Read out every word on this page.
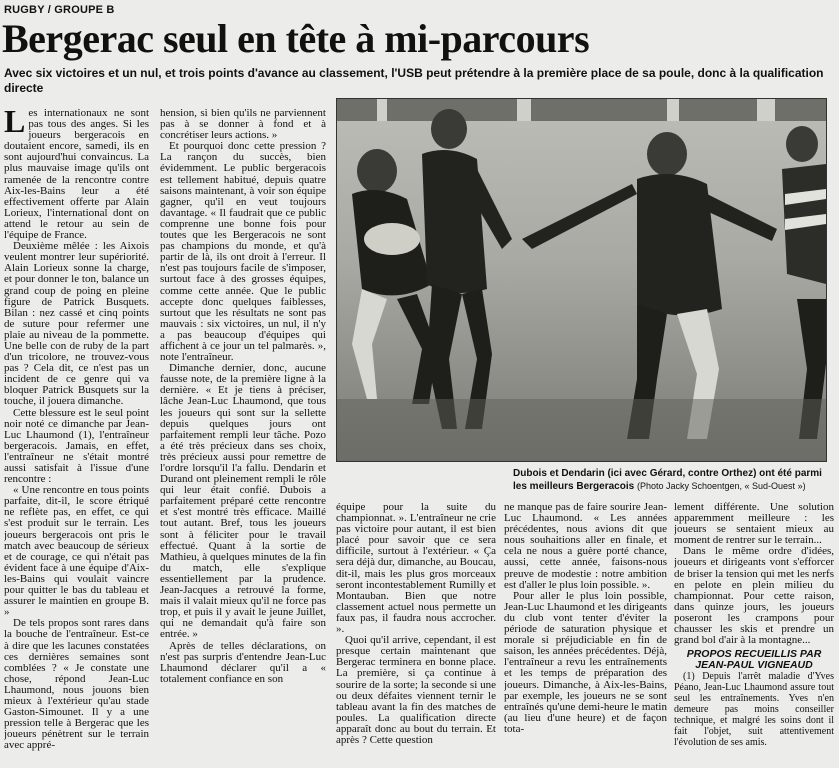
RUGBY / GROUPE B
Bergerac seul en tête à mi-parcours
Avec six victoires et un nul, et trois points d'avance au classement, l'USB peut prétendre à la première place de sa poule, donc à la qualification directe

Les internationaux ne sont pas tous des anges. Si les joueurs bergeracois en doutaient encore, samedi, ils en sont aujourd'hui convaincus. La plus mauvaise image qu'ils ont ramenée de la rencontre contre Aix-les-Bains leur a été effectivement offerte par Alain Lorieux, l'international dont on attend le retour au sein de l'équipe de France.

Deuxième mêlée : les Aixois veulent montrer leur supériorité. Alain Lorieux sonne la charge, et pour donner le ton, balance un grand coup de poing en pleine figure de Patrick Busquets. Bilan : nez cassé et cinq points de suture pour refermer une plaie au niveau de la pommette. Une belle con de ruby de la part d'un tricolore, ne trouvez-vous pas ? Cela dit, ce n'est pas un incident de ce genre qui va bloquer Patrick Busquets sur la touche, il jouera dimanche.

Cette blessure est le seul point noir noté ce dimanche par Jean-Luc Lhaumond (1), l'entraîneur bergeracois. Jamais, en effet, l'entraîneur ne s'était montré aussi satisfait à l'issue d'une rencontre :

« Une rencontre en tous points parfaite, dit-il, le score étriqué ne reflète pas, en effet, ce qui s'est produit sur le terrain. Les joueurs bergeracois ont pris le match avec beaucoup de sérieux et de courage, ce qui n'était pas évident face à une équipe d'Aix-les-Bains qui voulait vaincre pour quitter le bas du tableau et assurer le maintien en groupe B. »

De tels propos sont rares dans la bouche de l'entraîneur. Est-ce à dire que les lacunes constatées ces dernières semaines sont comblées ? « Je constate une chose, répond Jean-Luc Lhaumond, nous jouons bien mieux à l'extérieur qu'au stade Gaston-Simounet. Il y a une pression telle à Bergerac que les joueurs pénètrent sur le terrain avec appré-

hension, si bien qu'ils ne parviennent pas à se donner à fond et à concrétiser leurs actions. »

Et pourquoi donc cette pression ? La rançon du succès, bien évidemment. Le public bergeracois est tellement habitué, depuis quatre saisons maintenant, à voir son équipe gagner, qu'il en veut toujours davantage. « Il faudrait que ce public comprenne une bonne fois pour toutes que les Bergeracois ne sont pas champions du monde, et qu'à partir de là, ils ont droit à l'erreur. Il n'est pas toujours facile de s'imposer, surtout face à des grosses équipes, comme cette année. Que le public accepte donc quelques faiblesses, surtout que les résultats ne sont pas mauvais : six victoires, un nul, il n'y a pas beaucoup d'équipes qui affichent à ce jour un tel palmarès. », note l'entraîneur.

Dimanche dernier, donc, aucune fausse note, de la première ligne à la dernière. « Et je tiens à préciser, lâche Jean-Luc Lhaumond, que tous les joueurs qui sont sur la sellette depuis quelques jours ont parfaitement rempli leur tâche. Pozo a été très précieux dans ses choix, très précieux aussi pour remettre de l'ordre lorsqu'il l'a fallu. Dendarin et Durand ont pleinement rempli le rôle qui leur était confié. Dubois a parfaitement préparé cette rencontre et s'est montré très efficace. Maillé tout autant. Bref, tous les joueurs sont à féliciter pour le travail effectué. Quant à la sortie de Mathieu, à quelques minutes de la fin du match, elle s'explique essentiellement par la prudence. Jean-Jacques a retrouvé la forme, mais il valait mieux qu'il ne force pas trop, et puis il y avait le jeune Juillet, qui ne demandait qu'à faire son entrée. »

Après de telles déclarations, on n'est pas surpris d'entendre Jean-Luc Lhaumond déclarer qu'il a « totalement confiance en son

Dubois et Dendarin (ici avec Gérard, contre Orthez) ont été parmi les meilleurs Bergeracois (Photo Jacky Schoentgen, « Sud-Ouest »)

équipe pour la suite du championnat. ». L'entraîneur ne crie pas victoire pour autant, il est bien placé pour savoir que ce sera difficile, surtout à l'extérieur. « Ça sera déjà dur, dimanche, au Boucau, dit-il, mais les plus gros morceaux seront incontestablement Rumilly et Montauban. Bien que notre classement actuel nous permette un faux pas, il faudra nous accrocher. ».

Quoi qu'il arrive, cependant, il est presque certain maintenant que Bergerac terminera en bonne place. La première, si ça continue à sourire de la sorte; la seconde si une ou deux défaites viennent ternir le tableau avant la fin des matches de poules. La qualification directe apparaît donc au bout du terrain. Et après ? Cette question

ne manque pas de faire sourire Jean-Luc Lhaumond. « Les années précédentes, nous avions dit que nous souhaitions aller en finale, et cela ne nous a guère porté chance, aussi, cette année, faisons-nous preuve de modestie : notre ambition est d'aller le plus loin possible. ».

Pour aller le plus loin possible, Jean-Luc Lhaumond et les dirigeants du club vont tenter d'éviter la période de saturation physique et morale si préjudiciable en fin de saison, les années précédentes. Déjà, l'entraîneur a revu les entraînements et les temps de préparation des joueurs. Dimanche, à Aix-les-Bains, par exemple, les joueurs ne se sont entraînés qu'une demi-heure le matin (au lieu d'une heure) et de façon tota-

lement différente. Une solution apparemment meilleure : les joueurs se sentaient mieux au moment de rentrer sur le terrain...

Dans le même ordre d'idées, joueurs et dirigeants vont s'efforcer de briser la tension qui met les nerfs en pelote en plein milieu du championnat. Pour cette raison, dans quinze jours, les joueurs poseront les crampons pour chausser les skis et prendre un grand bol d'air à la montagne...

PROPOS RECUEILLIS PAR JEAN-PAUL VIGNEAUD

(1) Depuis l'arrêt maladie d'Yves Péano, Jean-Luc Lhaumond assure tout seul les entraînements. Yves n'en demeure pas moins conseiller technique, et malgré les soins dont il fait l'objet, suit attentivement l'évolution de ses amis.
